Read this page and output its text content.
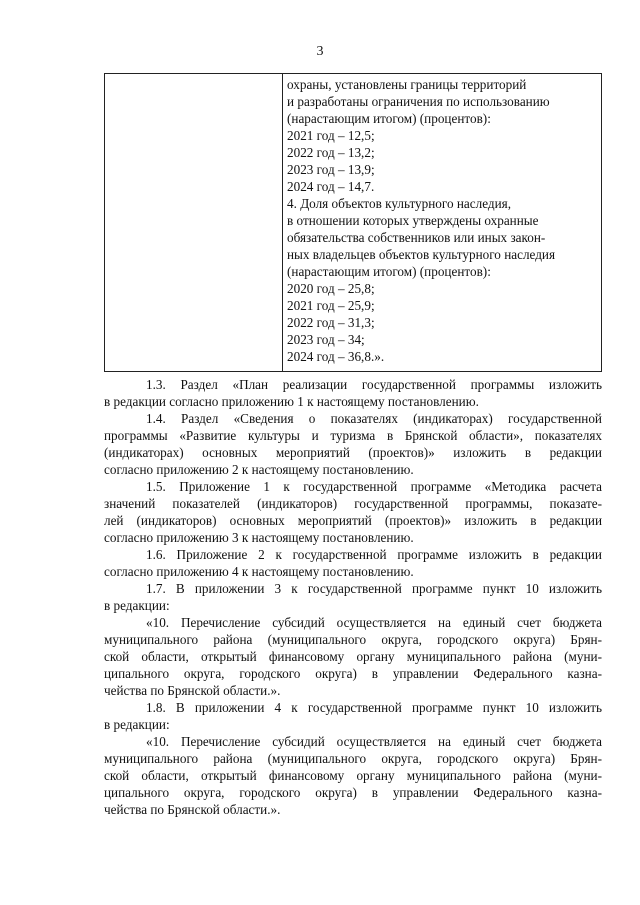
3
охраны, установлены границы территорий
и разработаны ограничения по использованию
(нарастающим итогом) (процентов):
2021 год – 12,5;
2022 год – 13,2;
2023 год – 13,9;
2024 год – 14,7.
4. Доля объектов культурного наследия,
в отношении которых утверждены охранные
обязательства собственников или иных закон-
ных владельцев объектов культурного наследия
(нарастающим итогом) (процентов):
2020 год – 25,8;
2021 год – 25,9;
2022 год – 31,3;
2023 год – 34;
2024 год – 36,8.».
1.3. Раздел «План реализации государственной программы изложить
в редакции согласно приложению 1 к настоящему постановлению.
1.4. Раздел «Сведения о показателях (индикаторах) государственной
программы «Развитие культуры и туризма в Брянской области», показателях
(индикаторах) основных мероприятий (проектов)» изложить в редакции
согласно приложению 2 к настоящему постановлению.
1.5. Приложение 1 к государственной программе «Методика расчета
значений показателей (индикаторов) государственной программы, показате-
лей (индикаторов) основных мероприятий (проектов)» изложить в редакции
согласно приложению 3 к настоящему постановлению.
1.6. Приложение 2 к государственной программе изложить в редакции
согласно приложению 4 к настоящему постановлению.
1.7. В приложении 3 к государственной программе пункт 10 изложить
в редакции:
«10. Перечисление субсидий осуществляется на единый счет бюджета
муниципального района (муниципального округа, городского округа) Брян-
ской области, открытый финансовому органу муниципального района (муни-
ципального округа, городского округа) в управлении Федерального казна-
чейства по Брянской области.».
1.8. В приложении 4 к государственной программе пункт 10 изложить
в редакции:
«10. Перечисление субсидий осуществляется на единый счет бюджета
муниципального района (муниципального округа, городского округа) Брян-
ской области, открытый финансовому органу муниципального района (муни-
ципального округа, городского округа) в управлении Федерального казна-
чейства по Брянской области.».
